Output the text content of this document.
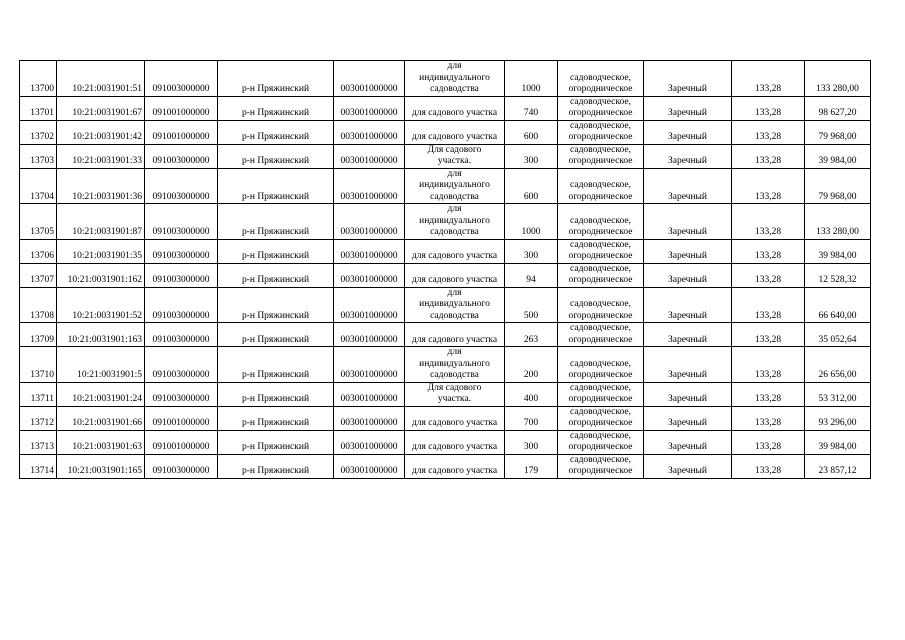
13700	10:21:0031901:51	091003000000	р-н Пряжинский	003001000000	для
индивидуального
садоводства	1000	садоводческое,
огородническое	Заречный	133,28	133 280,00
13701	10:21:0031901:67	091001000000	р-н Пряжинский	003001000000	для садового участка	740	садоводческое,
огородническое	Заречный	133,28	98 627,20
13702	10:21:0031901:42	091001000000	р-н Пряжинский	003001000000	для садового участка	600	садоводческое,
огородническое	Заречный	133,28	79 968,00
13703	10:21:0031901:33	091003000000	р-н Пряжинский	003001000000	Для садового
участка.	300	садоводческое,
огородническое	Заречный	133,28	39 984,00
13704	10:21:0031901:36	091003000000	р-н Пряжинский	003001000000	для
индивидуального
садоводства	600	садоводческое,
огородническое	Заречный	133,28	79 968,00
13705	10:21:0031901:87	091003000000	р-н Пряжинский	003001000000	для
индивидуального
садоводства	1000	садоводческое,
огородническое	Заречный	133,28	133 280,00
13706	10:21:0031901:35	091003000000	р-н Пряжинский	003001000000	для садового участка	300	садоводческое,
огородническое	Заречный	133,28	39 984,00
13707	10:21:0031901:162	091003000000	р-н Пряжинский	003001000000	для садового участка	94	садоводческое,
огородническое	Заречный	133,28	12 528,32
13708	10:21:0031901:52	091003000000	р-н Пряжинский	003001000000	для
индивидуального
садоводства	500	садоводческое,
огородническое	Заречный	133,28	66 640,00
13709	10:21:0031901:163	091003000000	р-н Пряжинский	003001000000	для садового участка	263	садоводческое,
огородническое	Заречный	133,28	35 052,64
13710	10:21:0031901:5	091003000000	р-н Пряжинский	003001000000	для
индивидуального
садоводства	200	садоводческое,
огородническое	Заречный	133,28	26 656,00
13711	10:21:0031901:24	091003000000	р-н Пряжинский	003001000000	Для садового
участка.	400	садоводческое,
огородническое	Заречный	133,28	53 312,00
13712	10:21:0031901:66	091001000000	р-н Пряжинский	003001000000	для садового участка	700	садоводческое,
огородническое	Заречный	133,28	93 296,00
13713	10:21:0031901:63	091001000000	р-н Пряжинский	003001000000	для садового участка	300	садоводческое,
огородническое	Заречный	133,28	39 984,00
13714	10:21:0031901:165	091003000000	р-н Пряжинский	003001000000	для садового участка	179	садоводческое,
огородническое	Заречный	133,28	23 857,12
